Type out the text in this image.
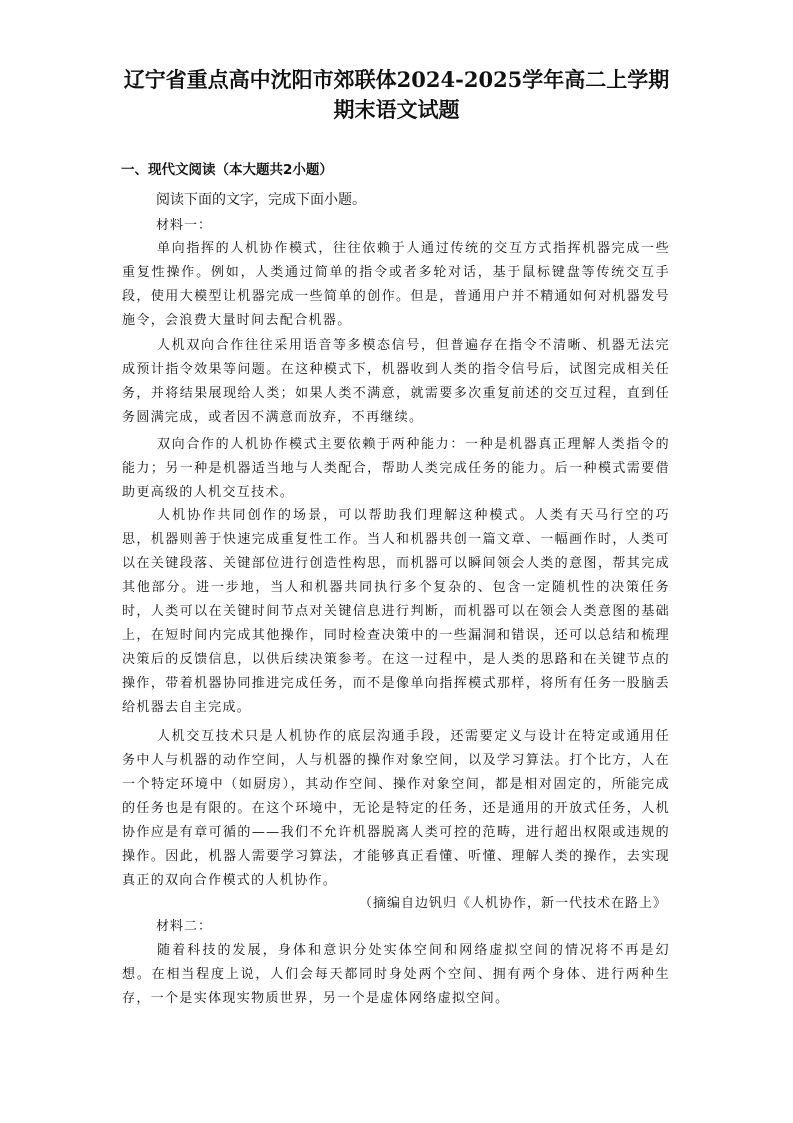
辽宁省重点高中沈阳市郊联体2024-2025学年高二上学期
期末语文试题
一、现代文阅读（本大题共2小题）
阅读下面的文字，完成下面小题。
材料一：

单向指挥的人机协作模式，往往依赖于人通过传统的交互方式指挥机器完成一些重复性操作。例如，人类通过简单的指令或者多轮对话，基于鼠标键盘等传统交互手段，使用大模型让机器完成一些简单的创作。但是，普通用户并不精通如何对机器发号施令，会浪费大量时间去配合机器。

人机双向合作往往采用语音等多模态信号，但普遍存在指令不清晰、机器无法完成预计指令效果等问题。在这种模式下，机器收到人类的指令信号后，试图完成相关任务，并将结果展现给人类；如果人类不满意，就需要多次重复前述的交互过程，直到任务圆满完成，或者因不满意而放弃，不再继续。

双向合作的人机协作模式主要依赖于两种能力：一种是机器真正理解人类指令的能力；另一种是机器适当地与人类配合，帮助人类完成任务的能力。后一种模式需要借助更高级的人机交互技术。

人机协作共同创作的场景，可以帮助我们理解这种模式。人类有天马行空的巧思，机器则善于快速完成重复性工作。当人和机器共创一篇文章、一幅画作时，人类可以在关键段落、关键部位进行创造性构思，而机器可以瞬间领会人类的意图，帮其完成其他部分。进一步地，当人和机器共同执行多个复杂的、包含一定随机性的决策任务时，人类可以在关键时间节点对关键信息进行判断，而机器可以在领会人类意图的基础上，在短时间内完成其他操作，同时检查决策中的一些漏洞和错误，还可以总结和梳理决策后的反馈信息，以供后续决策参考。在这一过程中，是人类的思路和在关键节点的操作，带着机器协同推进完成任务，而不是像单向指挥模式那样，将所有任务一股脑丢给机器去自主完成。

人机交互技术只是人机协作的底层沟通手段，还需要定义与设计在特定或通用任务中人与机器的动作空间，人与机器的操作对象空间，以及学习算法。打个比方，人在一个特定环境中（如厨房），其动作空间、操作对象空间，都是相对固定的，所能完成的任务也是有限的。在这个环境中，无论是特定的任务，还是通用的开放式任务，人机协作应是有章可循的——我们不允许机器脱离人类可控的范畴，进行超出权限或违规的操作。因此，机器人需要学习算法，才能够真正看懂、听懂、理解人类的操作，去实现真正的双向合作模式的人机协作。

（摘编自边钒归《人机协作，新一代技术在路上》
材料二：

随着科技的发展，身体和意识分处实体空间和网络虚拟空间的情况将不再是幻想。在相当程度上说，人们会每天都同时身处两个空间、拥有两个身体、进行两种生存，一个是实体现实物质世界，另一个是虚体网络虚拟空间。
